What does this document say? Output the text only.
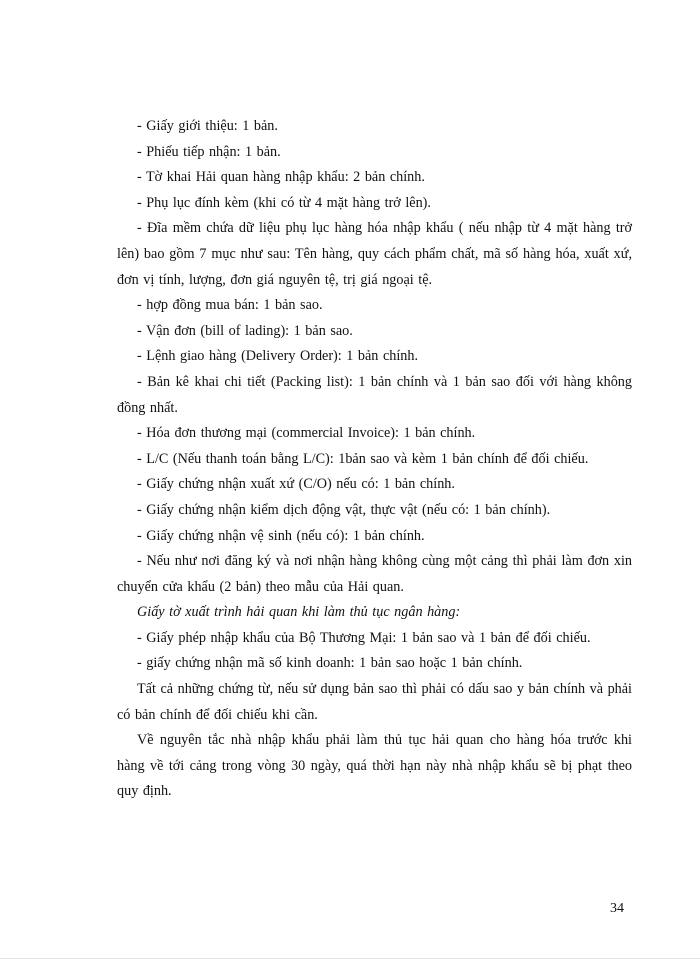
- Giấy giới thiệu: 1 bản.

- Phiếu tiếp nhận: 1 bản.

- Tờ khai Hải quan hàng nhập khẩu: 2 bản chính.

- Phụ lục đính kèm (khi có từ 4 mặt hàng trở lên).

- Đĩa mềm chứa dữ liệu phụ lục hàng hóa nhập khẩu ( nếu nhập từ 4 mặt hàng trở lên) bao gồm 7 mục như sau: Tên hàng, quy cách phẩm chất, mã số hàng hóa, xuất xứ, đơn vị tính, lượng, đơn giá nguyên tệ, trị giá ngoại tệ.

- hợp đồng mua bán: 1 bản sao.

- Vận đơn (bill of lading): 1 bản sao.

- Lệnh giao hàng (Delivery Order): 1 bản chính.

- Bản kê khai chi tiết (Packing list): 1 bản chính và 1 bản sao đối với hàng không đồng nhất.

- Hóa đơn thương mại (commercial Invoice): 1 bản chính.

- L/C (Nếu thanh toán bằng L/C): 1bản sao và kèm 1 bản chính để đối chiếu.

- Giấy chứng nhận xuất xứ (C/O) nếu có: 1 bản chính.

- Giấy chứng nhận kiểm dịch động vật, thực vật (nếu có: 1 bản chính).

- Giấy chứng nhận vệ sinh (nếu có): 1 bản chính.

- Nếu như nơi đăng ký và nơi nhận hàng không cùng một cảng thì phải làm đơn xin chuyển cửa khẩu (2 bản) theo mẫu của Hải quan.

Giấy tờ xuất trình hải quan khi làm thủ tục ngân hàng:

- Giấy phép nhập khẩu của Bộ Thương Mại: 1 bản sao và 1 bản để đối chiếu.

- giấy chứng nhận mã số kinh doanh: 1 bản sao hoặc 1 bản chính.

Tất cả những chứng từ, nếu sử dụng bản sao thì phải có dấu sao y bản chính và phải có bản chính để đối chiếu khi cần.

Về nguyên tắc nhà nhập khẩu phải làm thủ tục hải quan cho hàng hóa trước khi hàng về tới cảng trong vòng 30 ngày, quá thời hạn này nhà nhập khẩu sẽ bị phạt theo quy định.

34
